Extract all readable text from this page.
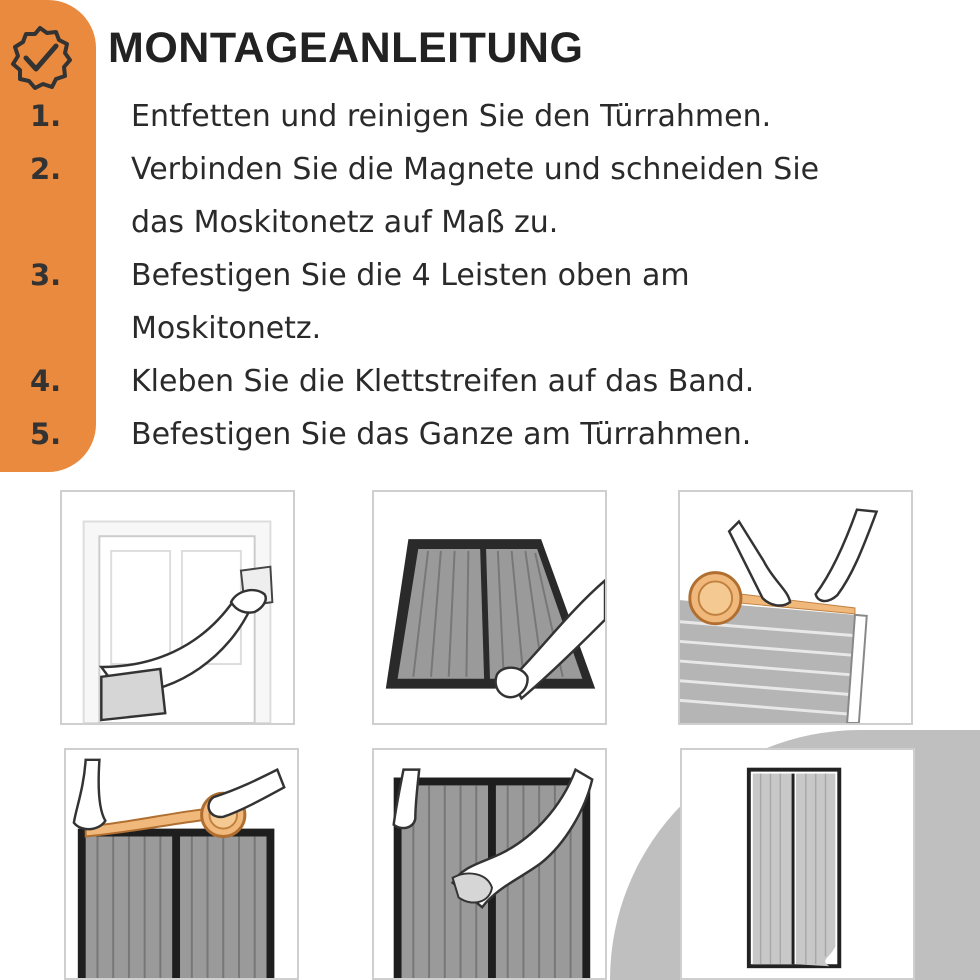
MONTAGEANLEITUNG
1.	Entfetten und reinigen Sie den Türrahmen.
2.	Verbinden Sie die Magnete und schneiden Sie das Moskitonetz auf Maß zu.
3.	Befestigen Sie die 4 Leisten oben am Moskitonetz.
4.	Kleben Sie die Klettstreifen auf das Band.
5.	Befestigen Sie das Ganze am Türrahmen.
